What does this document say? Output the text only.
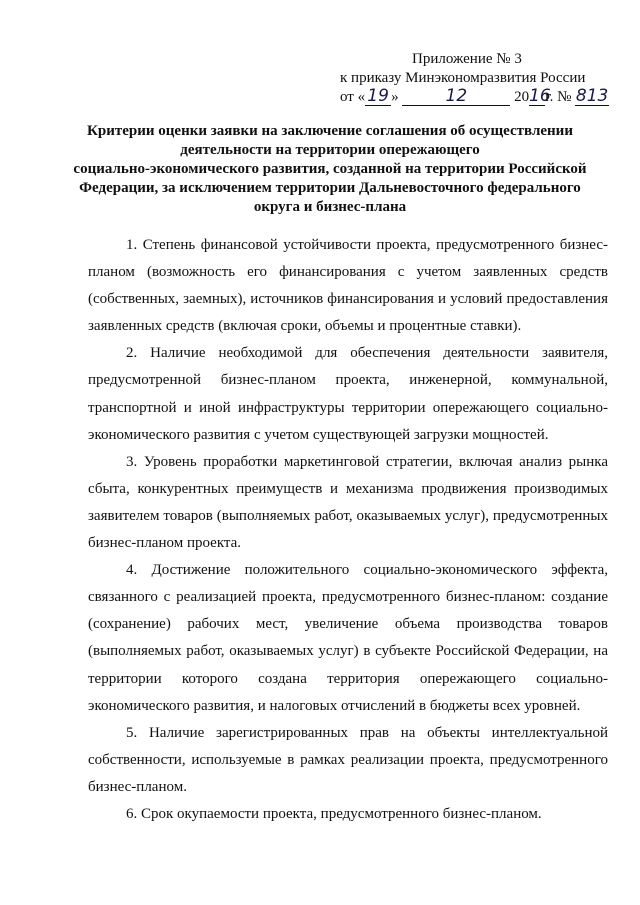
Приложение № 3
к приказу Минэкономразвития России
от « 19 »	12	2016г. № 813
Критерии оценки заявки на заключение соглашения об осуществлении
деятельности на территории опережающего
социально-экономического развития, созданной на территории Российской
Федерации, за исключением территории Дальневосточного федерального
округа и бизнес-плана

1. Степень финансовой устойчивости проекта, предусмотренного бизнес-планом (возможность его финансирования с учетом заявленных средств (собственных, заемных), источников финансирования и условий предоставления заявленных средств (включая сроки, объемы и процентные ставки).

2. Наличие необходимой для обеспечения деятельности заявителя, предусмотренной бизнес-планом проекта, инженерной, коммунальной, транспортной и иной инфраструктуры территории опережающего социально-экономического развития с учетом существующей загрузки мощностей.

3. Уровень проработки маркетинговой стратегии, включая анализ рынка сбыта, конкурентных преимуществ и механизма продвижения производимых заявителем товаров (выполняемых работ, оказываемых услуг), предусмотренных бизнес-планом проекта.

4. Достижение положительного социально-экономического эффекта, связанного с реализацией проекта, предусмотренного бизнес-планом: создание (сохранение) рабочих мест, увеличение объема производства товаров (выполняемых работ, оказываемых услуг) в субъекте Российской Федерации, на территории которого создана территория опережающего социально-экономического развития, и налоговых отчислений в бюджеты всех уровней.

5. Наличие зарегистрированных прав на объекты интеллектуальной собственности, используемые в рамках реализации проекта, предусмотренного бизнес-планом.

6. Срок окупаемости проекта, предусмотренного бизнес-планом.
